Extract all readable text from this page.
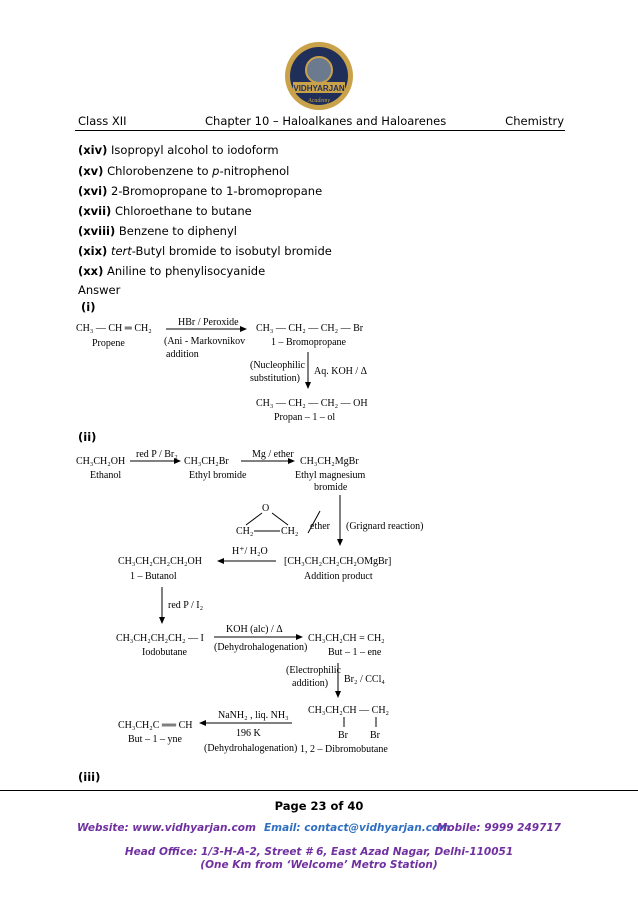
VIDHYARJAN
Academy
Class XII	Chapter 10 – Haloalkanes and Haloarenes	Chemistry
(xiv) Isopropyl alcohol to iodoform
(xv) Chlorobenzene to p-nitrophenol
(xvi) 2-Bromopropane to 1-bromopropane
(xvii) Chloroethane to butane
(xviii) Benzene to diphenyl
(xix) tert-Butyl bromide to isobutyl bromide
(xx) Aniline to phenylisocyanide
Answer
(i)
CH₃ — CH ═ CH₂
Propene
HBr / Peroxide
(Ani - Markovnikov
addition
CH₃ — CH₂ — CH₂ — Br
1 – Bromopropane
(Nucleophilic
substitution)
Aq. KOH / Δ
CH₃ — CH₂ — CH₂ — OH
Propan – 1 – ol
(ii)
CH₃CH₂OH
Ethanol
red P / Br₂
CH₃CH₂Br
Ethyl bromide
Mg / ether
CH₃CH₂MgBr
Ethyl magnesium
bromide
O
CH₂	CH₂ ether (Grignard reaction)
[CH₃CH₂CH₂CH₂OMgBr]
Addition product
H⁺/ H₂O
CH₃CH₂CH₂CH₂OH
1 – Butanol
red P / I₂
CH₃CH₂CH₂CH₂ — I
Iodobutane
KOH (alc) / Δ
(Dehydrohalogenation)
CH₃CH₂CH = CH₂
But – 1 – ene
(Electrophilic
addition) Br₂ / CCl₄
CH₃CH₂CH — CH₂
Br Br
1, 2 – Dibromobutane
NaNH₂ , liq. NH₃
196 K
(Dehydrohalogenation)
CH₃CH₂C ══ CH
But – 1 – yne
(iii)
Page 23 of 40
Website: www.vidhyarjan.com Email: contact@vidhyarjan.com
Mobile: 9999 249717
Head Office: 1/3-H-A-2, Street # 6, East Azad Nagar, Delhi-110051
(One Km from ‘Welcome’ Metro Station)
